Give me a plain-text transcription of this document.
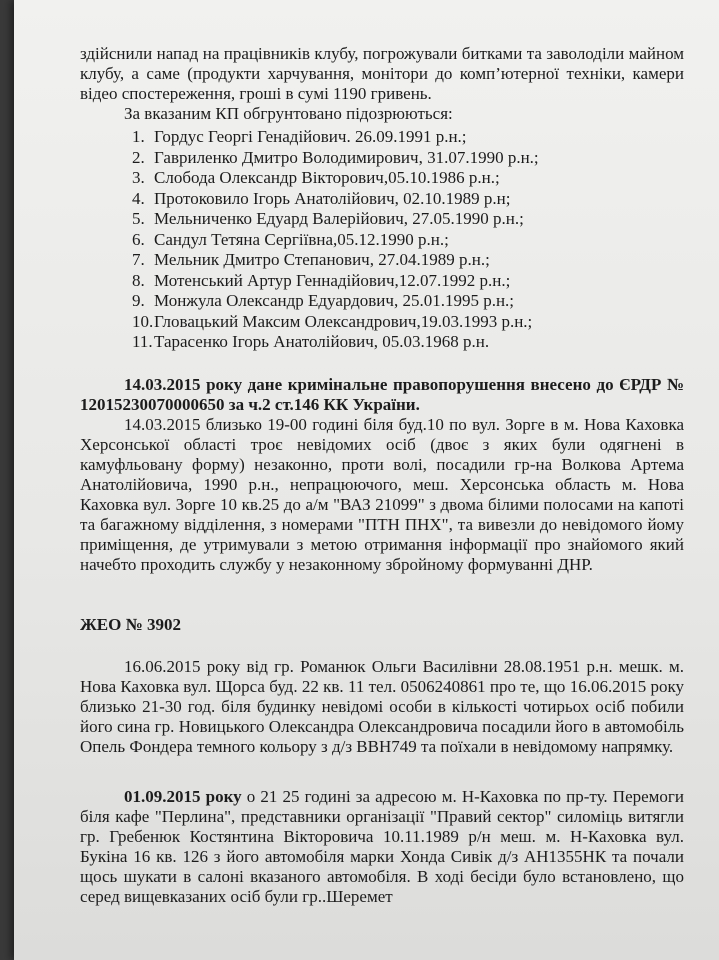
здійснили напад на працівників клубу, погрожували битками та заволоділи майном клубу, а саме (продукти харчування, монітори до комп’ютерної техніки, камери відео спостереження, гроші в сумі 1190 гривень.

За вказаним КП обгрунтовано підозрюються:

1. Гордус Георгі Генадійович. 26.09.1991 р.н.;
2. Гавриленко Дмитро Володимирович, 31.07.1990 р.н.;
3. Слобода Олександр Вікторович,05.10.1986 р.н.;
4. Протоковило Ігорь Анатолійович, 02.10.1989 р.н;
5. Мельниченко Едуард Валерійович, 27.05.1990 р.н.;
6. Сандул Тетяна Сергіївна,05.12.1990 р.н.;
7. Мельник Дмитро Степанович, 27.04.1989 р.н.;
8. Мотенський Артур Геннадійович,12.07.1992 р.н.;
9. Монжула Олександр Едуардович, 25.01.1995 р.н.;
10.Гловацький Максим Олександрович,19.03.1993 р.н.;
11.Тарасенко Ігорь Анатолійович, 05.03.1968 р.н.

14.03.2015 року дане кримінальне правопорушення внесено до ЄРДР № 12015230070000650 за ч.2 ст.146 КК України.

14.03.2015 близько 19-00 годині біля буд.10 по вул. Зорге в м. Нова Каховка Херсонської області троє невідомих осіб (двоє з яких були одягнені в камуфльовану форму) незаконно, проти волі, посадили гр-на Волкова Артема Анатолійовича, 1990 р.н., непрацюючого, меш. Херсонська область м. Нова Каховка вул. Зорге 10 кв.25 до а/м "ВАЗ 21099" з двома білими полосами на капоті та багажному відділення, з номерами "ПТН ПНХ", та вивезли до невідомого йому приміщення, де утримували з метою отримання інформації про знайомого який начебто проходить службу у незаконному збройному формуванні ДНР.

ЖЕО № 3902

16.06.2015 року від гр. Романюк Ольги Василівни 28.08.1951 р.н. мешк. м. Нова Каховка вул. Щорса буд. 22 кв. 11 тел. 0506240861 про те, що 16.06.2015 року близько 21-30 год. біля будинку невідомі особи в кількості чотирьох осіб побили його сина гр. Новицького Олександра Олександровича посадили його в автомобіль Опель Фондера темного кольору з д/з ВВН749 та поїхали в невідомому напрямку.

01.09.2015 року о 21 25 годині за адресою м. Н-Каховка по пр-ту. Перемоги біля кафе "Перлина", представники організації "Правий сектор" силоміць витягли гр. Гребенюк Костянтина Вікторовича 10.11.1989 р/н меш. м. Н-Каховка вул. Букіна 16 кв. 126 з його автомобіля марки Хонда Сивік д/з АН1355НК та почали щось шукати в салоні вказаного автомобіля. В ході бесіди було встановлено, що серед вищевказаних осіб були гр..Шеремет
